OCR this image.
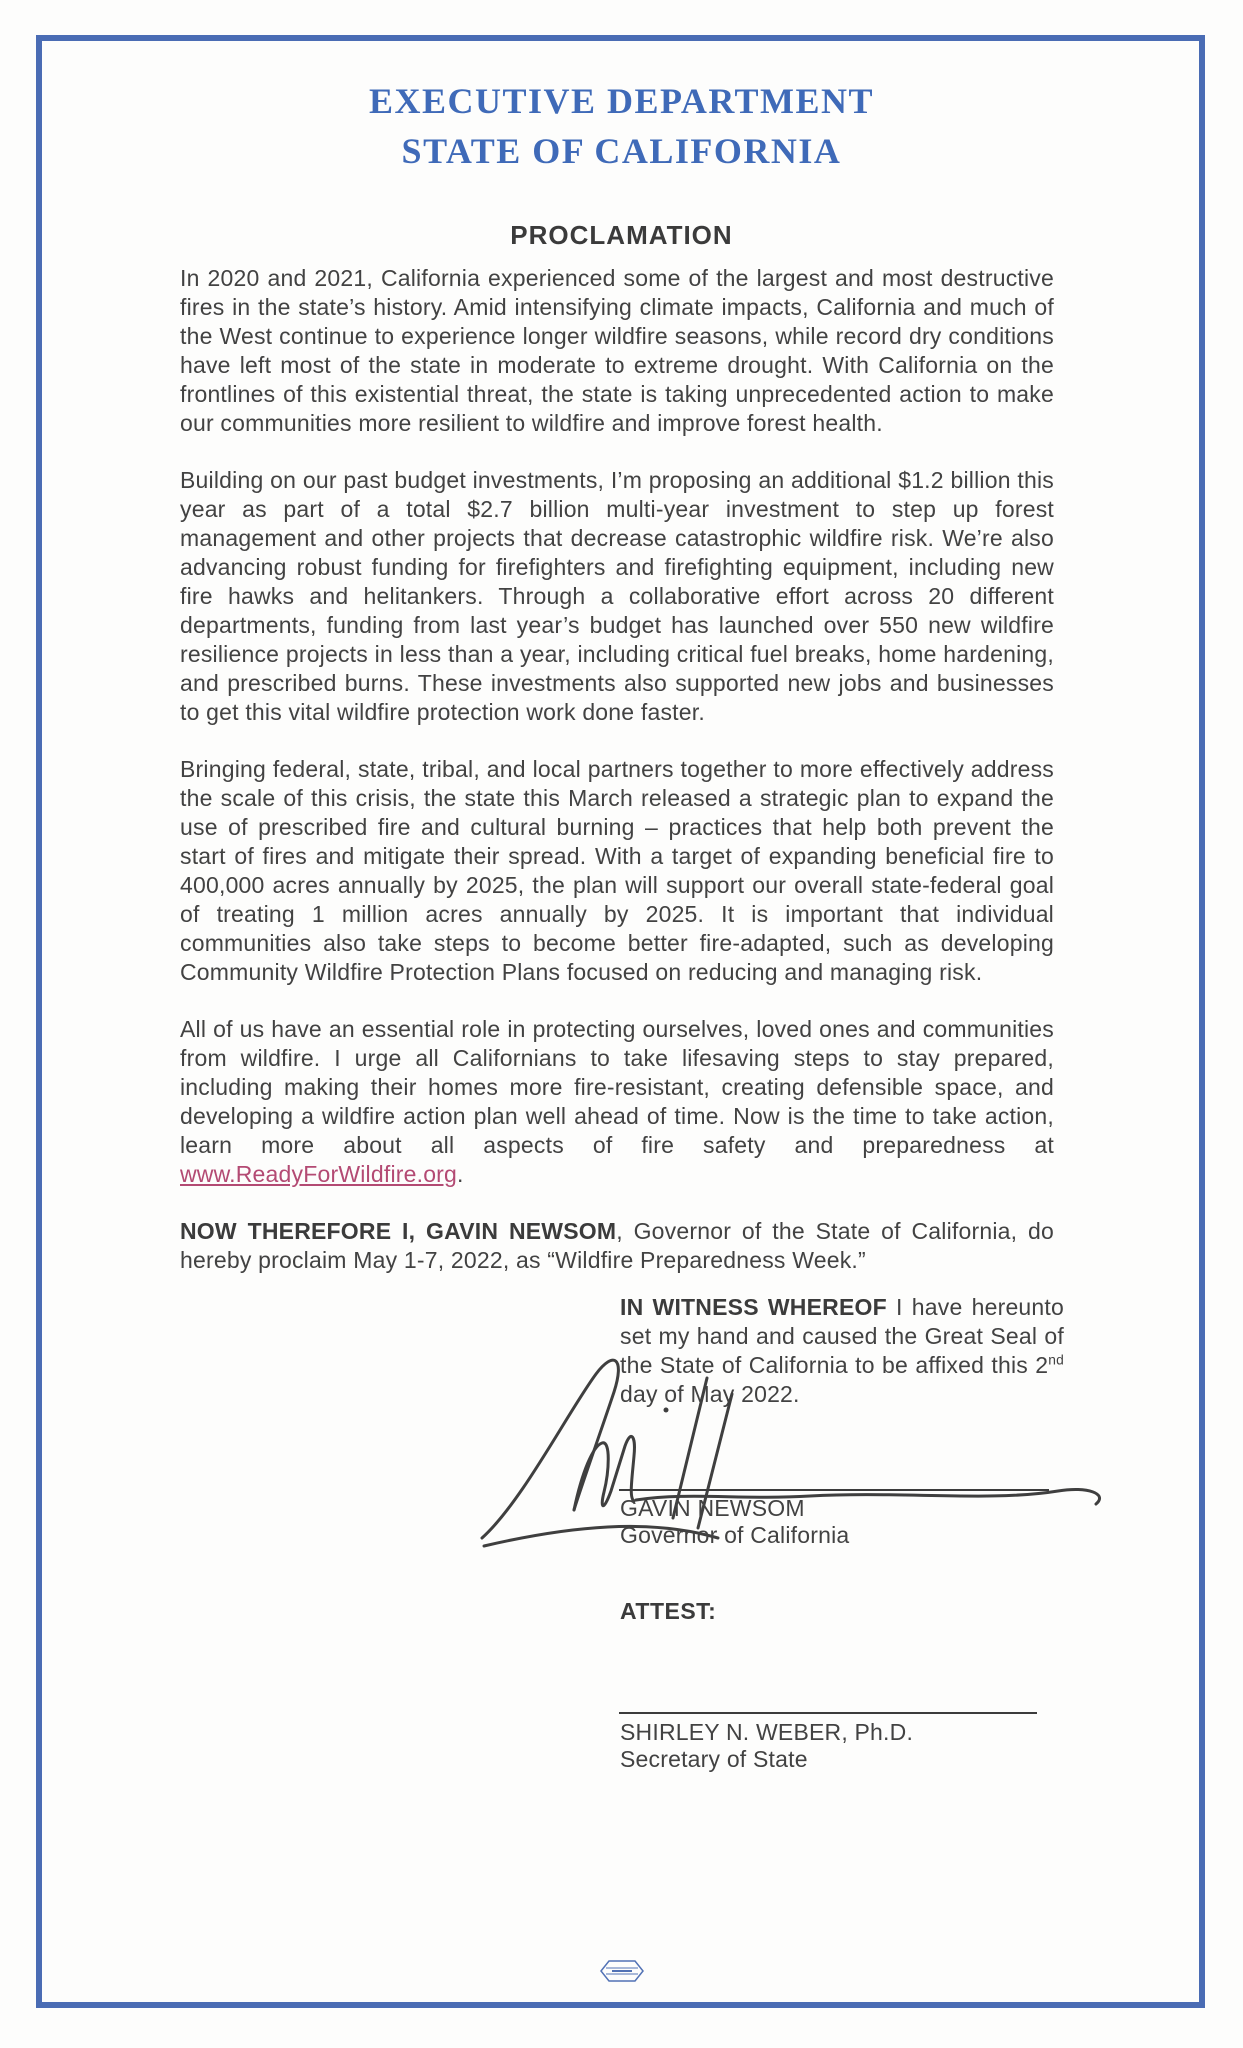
EXECUTIVE DEPARTMENT
STATE OF CALIFORNIA
PROCLAMATION

In 2020 and 2021, California experienced some of the largest and most destructive fires in the state’s history. Amid intensifying climate impacts, California and much of the West continue to experience longer wildfire seasons, while record dry conditions have left most of the state in moderate to extreme drought. With California on the frontlines of this existential threat, the state is taking unprecedented action to make our communities more resilient to wildfire and improve forest health.

Building on our past budget investments, I’m proposing an additional $1.2 billion this year as part of a total $2.7 billion multi-year investment to step up forest management and other projects that decrease catastrophic wildfire risk. We’re also advancing robust funding for firefighters and firefighting equipment, including new fire hawks and helitankers. Through a collaborative effort across 20 different departments, funding from last year’s budget has launched over 550 new wildfire resilience projects in less than a year, including critical fuel breaks, home hardening, and prescribed burns. These investments also supported new jobs and businesses to get this vital wildfire protection work done faster.

Bringing federal, state, tribal, and local partners together to more effectively address the scale of this crisis, the state this March released a strategic plan to expand the use of prescribed fire and cultural burning – practices that help both prevent the start of fires and mitigate their spread. With a target of expanding beneficial fire to 400,000 acres annually by 2025, the plan will support our overall state-federal goal of treating 1 million acres annually by 2025. It is important that individual communities also take steps to become better fire-adapted, such as developing Community Wildfire Protection Plans focused on reducing and managing risk.

All of us have an essential role in protecting ourselves, loved ones and communities from wildfire. I urge all Californians to take lifesaving steps to stay prepared, including making their homes more fire-resistant, creating defensible space, and developing a wildfire action plan well ahead of time. Now is the time to take action, learn more about all aspects of fire safety and preparedness at www.ReadyForWildfire.org.

NOW THEREFORE I, GAVIN NEWSOM, Governor of the State of California, do hereby proclaim May 1-7, 2022, as “Wildfire Preparedness Week.”

IN WITNESS WHEREOF I have hereunto set my hand and caused the Great Seal of the State of California to be affixed this 2nd day of May 2022.
GAVIN NEWSOM
Governor of California
ATTEST:
SHIRLEY N. WEBER, Ph.D.
Secretary of State
